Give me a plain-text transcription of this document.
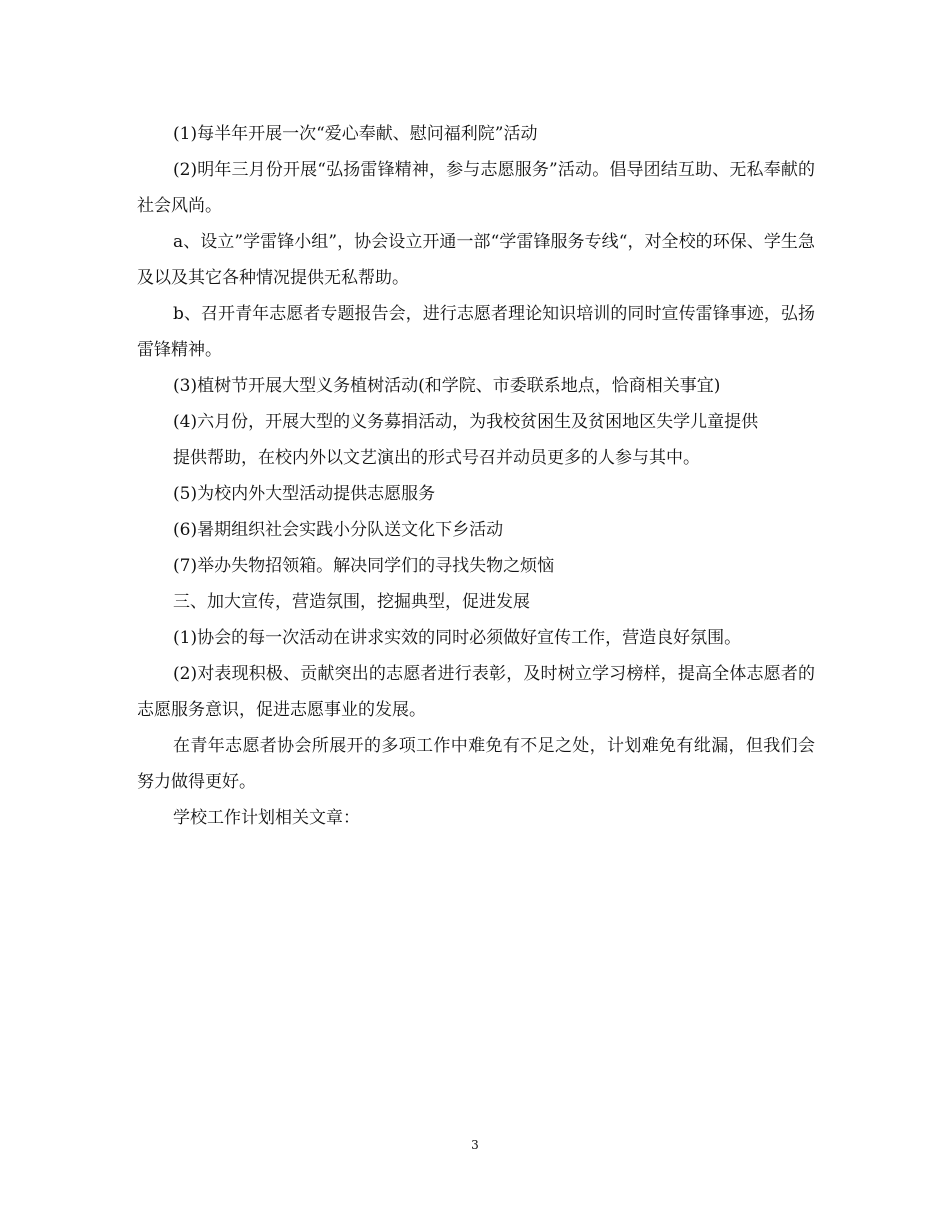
(1)每半年开展一次“爱心奉献、慰问福利院”活动

(2)明年三月份开展“弘扬雷锋精神，参与志愿服务”活动。倡导团结互助、无私奉献的社会风尚。

a、设立”学雷锋小组”，协会设立开通一部“学雷锋服务专线“，对全校的环保、学生急及以及其它各种情况提供无私帮助。

b、召开青年志愿者专题报告会，进行志愿者理论知识培训的同时宣传雷锋事迹，弘扬雷锋精神。

(3)植树节开展大型义务植树活动(和学院、市委联系地点，恰商相关事宜)

(4)六月份，开展大型的义务募捐活动，为我校贫困生及贫困地区失学儿童提供

提供帮助，在校内外以文艺演出的形式号召并动员更多的人参与其中。

(5)为校内外大型活动提供志愿服务

(6)暑期组织社会实践小分队送文化下乡活动

(7)举办失物招领箱。解决同学们的寻找失物之烦恼

三、加大宣传，营造氛围，挖掘典型，促进发展

(1)协会的每一次活动在讲求实效的同时必须做好宣传工作，营造良好氛围。

(2)对表现积极、贡献突出的志愿者进行表彰，及时树立学习榜样，提高全体志愿者的志愿服务意识，促进志愿事业的发展。

在青年志愿者协会所展开的多项工作中难免有不足之处，计划难免有纰漏，但我们会努力做得更好。

学校工作计划相关文章：

3
